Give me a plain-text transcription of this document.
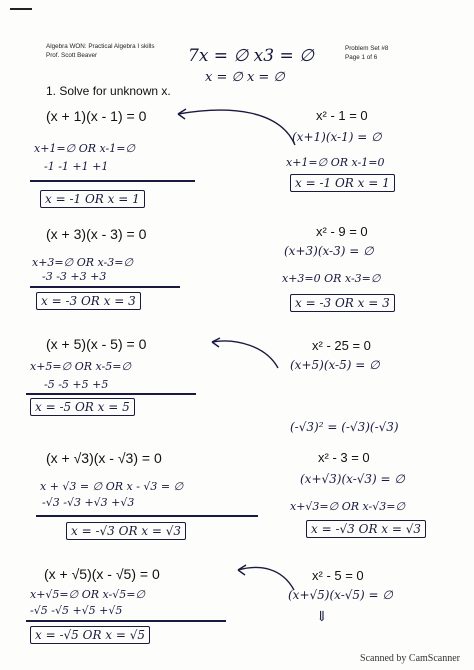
Algebra WON: Practical Algebra I skills
Prof. Scott Beaver
Problem Set #8
Page 1 of 6
7x = ∅ x3 = ∅
x = ∅ x = ∅
1. Solve for unknown x.
(x + 1)(x - 1) = 0
x+1=∅ OR x-1=∅
-1 -1 +1 +1
x = -1 OR x = 1
(x + 3)(x - 3) = 0
x+3=∅ OR x-3=∅
-3 -3 +3 +3
x = -3 OR x = 3
(x + 5)(x - 5) = 0
x+5=∅ OR x-5=∅
-5 -5 +5 +5
x = -5 OR x = 5
(x + √3)(x - √3) = 0
x + √3 = ∅ OR x - √3 = ∅
-√3 -√3 +√3 +√3
x = -√3 OR x = √3
(x + √5)(x - √5) = 0
x+√5=∅ OR x-√5=∅
-√5 -√5 +√5 +√5
x = -√5 OR x = √5
x² - 1 = 0
(x+1)(x-1) = ∅
x+1=∅ OR x-1=0
x = -1 OR x = 1
x² - 9 = 0
(x+3)(x-3) = ∅
x+3=0 OR x-3=∅
x = -3 OR x = 3
x² - 25 = 0
(x+5)(x-5) = ∅
(-√3)² = (-√3)(-√3)
x² - 3 = 0
(x+√3)(x-√3) = ∅
x+√3=∅ OR x-√3=∅
x = -√3 OR x = √3
x² - 5 = 0
(x+√5)(x-√5) = ∅
⇓
Scanned by CamScanner
